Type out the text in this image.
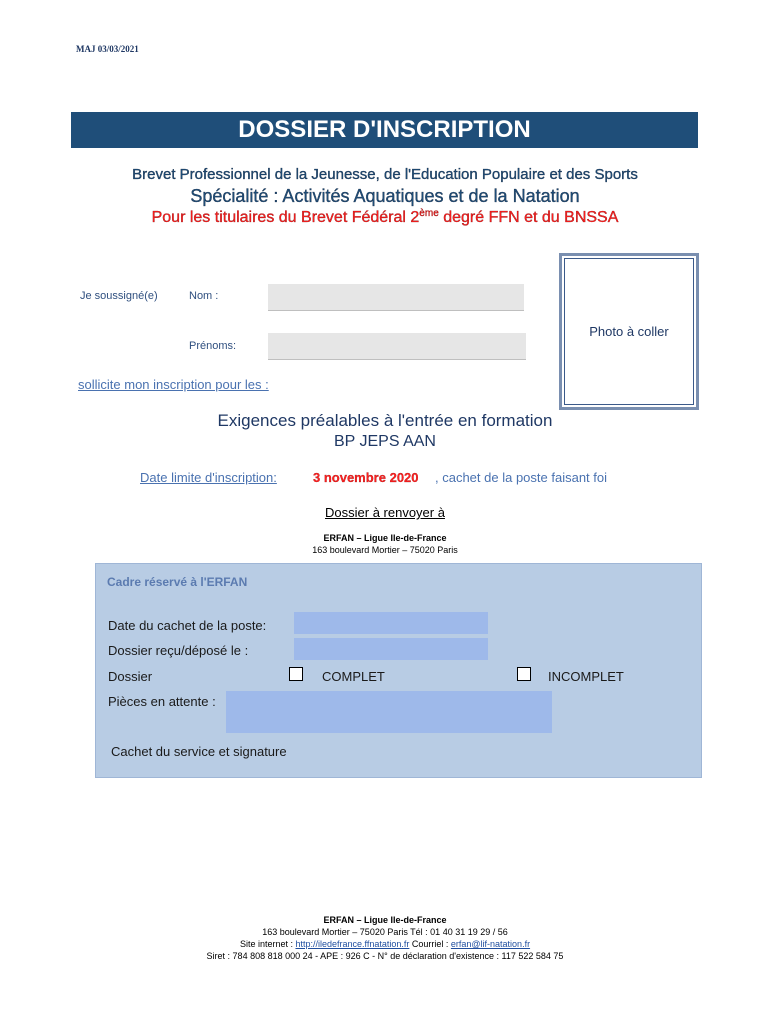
MAJ 03/03/2021
DOSSIER D'INSCRIPTION
Brevet Professionnel de la Jeunesse, de l'Education Populaire et des Sports
Spécialité : Activités Aquatiques et de la Natation
Pour les titulaires du Brevet Fédéral 2ème degré FFN et du BNSSA
Photo à coller
Je soussigné(e)	Nom :
Prénoms:
sollicite mon inscription pour les :
Exigences préalables à l'entrée en formation
BP JEPS AAN
Date limite d'inscription:	3 novembre 2020 , cachet de la poste faisant foi
Dossier à renvoyer à
ERFAN – Ligue Ile-de-France
163 boulevard Mortier – 75020 Paris
Cadre réservé à l'ERFAN
Date du cachet de la poste:
Dossier reçu/déposé le :
Dossier	COMPLET	INCOMPLET
Pièces en attente :
Cachet du service et signature
ERFAN – Ligue Ile-de-France
163 boulevard Mortier – 75020 Paris Tél : 01 40 31 19 29 / 56
Site internet : http://iledefrance.ffnatation.fr Courriel : erfan@lif-natation.fr
Siret : 784 808 818 000 24 - APE : 926 C - N° de déclaration d'existence : 117 522 584 75
